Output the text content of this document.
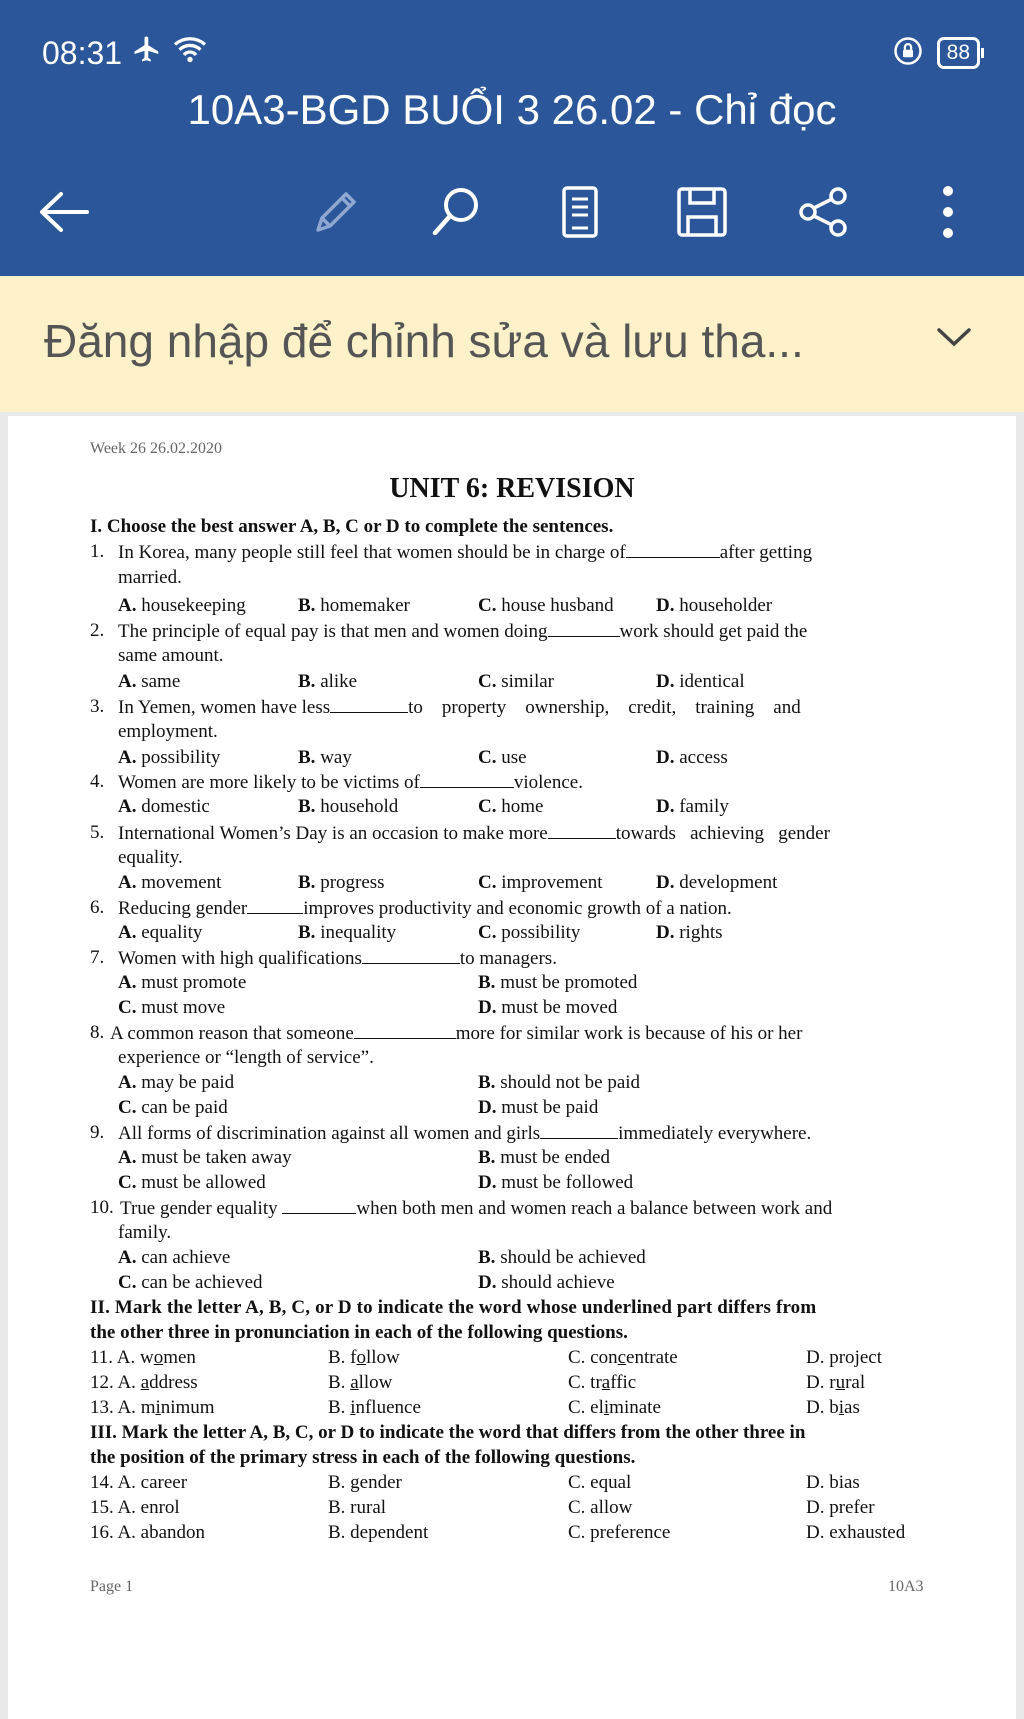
08:31	88
10A3-BGD BUỔI 3 26.02 - Chỉ đọc
Đăng nhập để chỉnh sửa và lưu tha...
Week 26 26.02.2020
UNIT 6: REVISION
I. Choose the best answer A, B, C or D to complete the sentences.
1. In Korea, many people still feel that women should be in charge of	after getting
married.
A. housekeeping	B. homemaker	C. house husband D. householder
2. The principle of equal pay is that men and women doing	work should get paid the
same amount.
A. same	B. alike	C. similar	D. identical
3. In Yemen, women have less	to    property    ownership,    credit,    training    and
employment.
A. possibility	B. way	C. use	D. access
4. Women are more likely to be victims of	violence.
A. domestic	B. household	C. home	D. family
5. International Women’s Day is an occasion to make more	towards   achieving   gender
equality.
A. movement	B. progress	C. improvement	D. development
6. Reducing gender	improves productivity and economic growth of a nation.
A. equality	B. inequality	C. possibility	D. rights
7. Women with high qualifications	to managers.
A. must promote	B. must be promoted
C. must move	D. must be moved
8. A common reason that someone	more for similar work is because of his or her
experience or “length of service”.
A. may be paid	B. should not be paid
C. can be paid	D. must be paid
9. All forms of discrimination against all women and girls	immediately everywhere.
A. must be taken away	B. must be ended
C. must be allowed	D. must be followed
10. True gender equality	when both men and women reach a balance between work and
family.
A. can achieve	B. should be achieved
C. can be achieved	D. should achieve
II. Mark the letter A, B, C, or D to indicate the word whose underlined part differs from
the other three in pronunciation in each of the following questions.
11. A. women	B. follow	C. concentrate	D. project
12. A. address	B. allow	C. traffic	D. rural
13. A. minimum	B. influence	C. eliminate	D. bias
III. Mark the letter A, B, C, or D to indicate the word that differs from the other three in
the position of the primary stress in each of the following questions.
14. A. career	B. gender	C. equal	D. bias
15. A. enrol	B. rural	C. allow	D. prefer
16. A. abandon	B. dependent	C. preference	D. exhausted
Page 1	10A3
